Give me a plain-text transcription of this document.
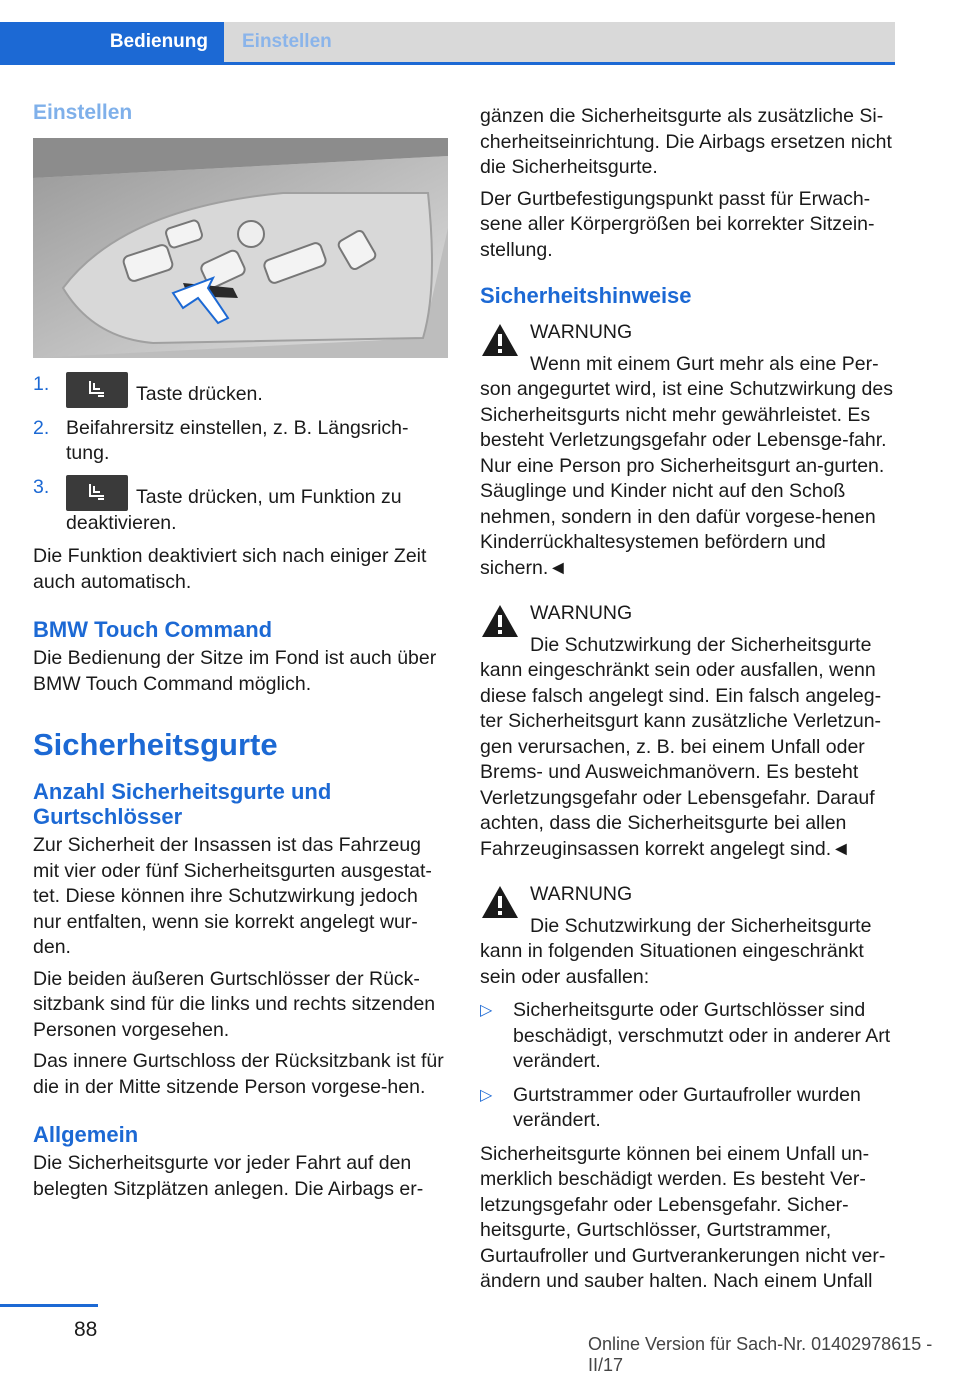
Bedienung	Einstellen
Einstellen
1.	Taste drücken.
2. Beifahrersitz einstellen, z. B. Längsrich-tung.
3.	Taste drücken, um Funktion zu deaktivieren.

Die Funktion deaktiviert sich nach einiger Zeit auch automatisch.

BMW Touch Command

Die Bedienung der Sitze im Fond ist auch über BMW Touch Command möglich.

Sicherheitsgurte
Anzahl Sicherheitsgurte und Gurtschlösser

Zur Sicherheit der Insassen ist das Fahrzeug mit vier oder fünf Sicherheitsgurten ausgestat-tet. Diese können ihre Schutzwirkung jedoch nur entfalten, wenn sie korrekt angelegt wur-den.

Die beiden äußeren Gurtschlösser der Rück-sitzbank sind für die links und rechts sitzenden Personen vorgesehen.

Das innere Gurtschloss der Rücksitzbank ist für die in der Mitte sitzende Person vorgese-hen.

Allgemein

Die Sicherheitsgurte vor jeder Fahrt auf den belegten Sitzplätzen anlegen. Die Airbags er-

gänzen die Sicherheitsgurte als zusätzliche Si-cherheitseinrichtung. Die Airbags ersetzen nicht die Sicherheitsgurte.

Der Gurtbefestigungspunkt passt für Erwach-sene aller Körpergrößen bei korrekter Sitzein-stellung.

Sicherheitshinweise
WARNUNG
Wenn mit einem Gurt mehr als eine Per-
son angegurtet wird, ist eine Schutzwirkung des Sicherheitsgurts nicht mehr gewährleistet. Es besteht Verletzungsgefahr oder Lebensge-fahr. Nur eine Person pro Sicherheitsgurt an-gurten. Säuglinge und Kinder nicht auf den Schoß nehmen, sondern in den dafür vorgese-henen Kinderrückhaltesystemen befördern und sichern.◄
WARNUNG
Die Schutzwirkung der Sicherheitsgurte
kann eingeschränkt sein oder ausfallen, wenn diese falsch angelegt sind. Ein falsch angeleg-ter Sicherheitsgurt kann zusätzliche Verletzun-gen verursachen, z. B. bei einem Unfall oder Brems- und Ausweichmanövern. Es besteht Verletzungsgefahr oder Lebensgefahr. Darauf achten, dass die Sicherheitsgurte bei allen Fahrzeuginsassen korrekt angelegt sind.◄
WARNUNG
Die Schutzwirkung der Sicherheitsgurte
kann in folgenden Situationen eingeschränkt sein oder ausfallen:
▷ Sicherheitsgurte oder Gurtschlösser sind beschädigt, verschmutzt oder in anderer Art verändert.
▷ Gurtstrammer oder Gurtaufroller wurden verändert.

Sicherheitsgurte können bei einem Unfall un-merklich beschädigt werden. Es besteht Ver-letzungsgefahr oder Lebensgefahr. Sicher-heitsgurte, Gurtschlösser, Gurtstrammer, Gurtaufroller und Gurtverankerungen nicht ver-ändern und sauber halten. Nach einem Unfall

88
Online Version für Sach-Nr. 01402978615 - II/17
